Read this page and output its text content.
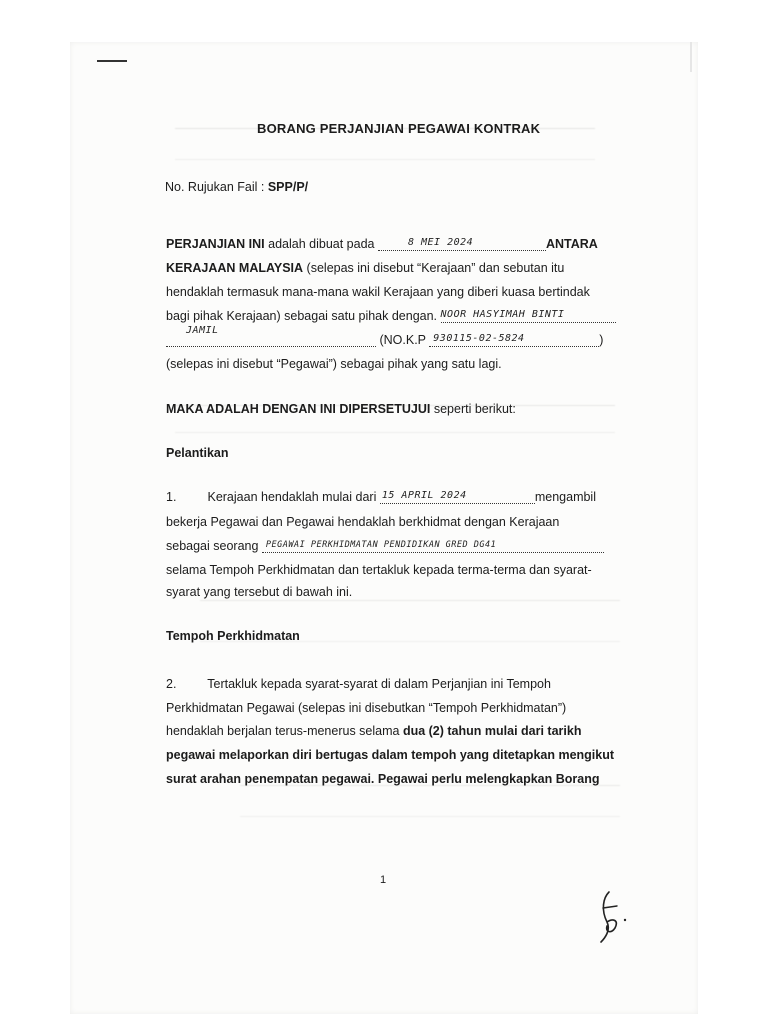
BORANG PERJANJIAN PEGAWAI KONTRAK
No. Rujukan Fail : SPP/P/
PERJANJIAN INI adalah dibuat pada	8 MEI 2024	ANTARA
KERAJAAN MALAYSIA (selepas ini disebut “Kerajaan” dan sebutan itu
hendaklah termasuk mana-mana wakil Kerajaan yang diberi kuasa bertindak
bagi pihak Kerajaan) sebagai satu pihak dengan. NOOR HASYIMAH BINTI
JAMIL
(NO.K.P 930115-02-5824	)
(selepas ini disebut “Pegawai”) sebagai pihak yang satu lagi.
MAKA ADALAH DENGAN INI DIPERSETUJUI seperti berikut:
Pelantikan
1. Kerajaan hendaklah mulai dari 15 APRIL 2024	mengambil
bekerja Pegawai dan Pegawai hendaklah berkhidmat dengan Kerajaan
sebagai seorang PEGAWAI PERKHIDMATAN PENDIDIKAN GRED DG41
selama Tempoh Perkhidmatan dan tertakluk kepada terma-terma dan syarat-
syarat yang tersebut di bawah ini.
Tempoh Perkhidmatan
2. Tertakluk kepada syarat-syarat di dalam Perjanjian ini Tempoh
Perkhidmatan Pegawai (selepas ini disebutkan “Tempoh Perkhidmatan”)
hendaklah berjalan terus-menerus selama dua (2) tahun mulai dari tarikh
pegawai melaporkan diri bertugas dalam tempoh yang ditetapkan mengikut
surat arahan penempatan pegawai. Pegawai perlu melengkapkan Borang
1
